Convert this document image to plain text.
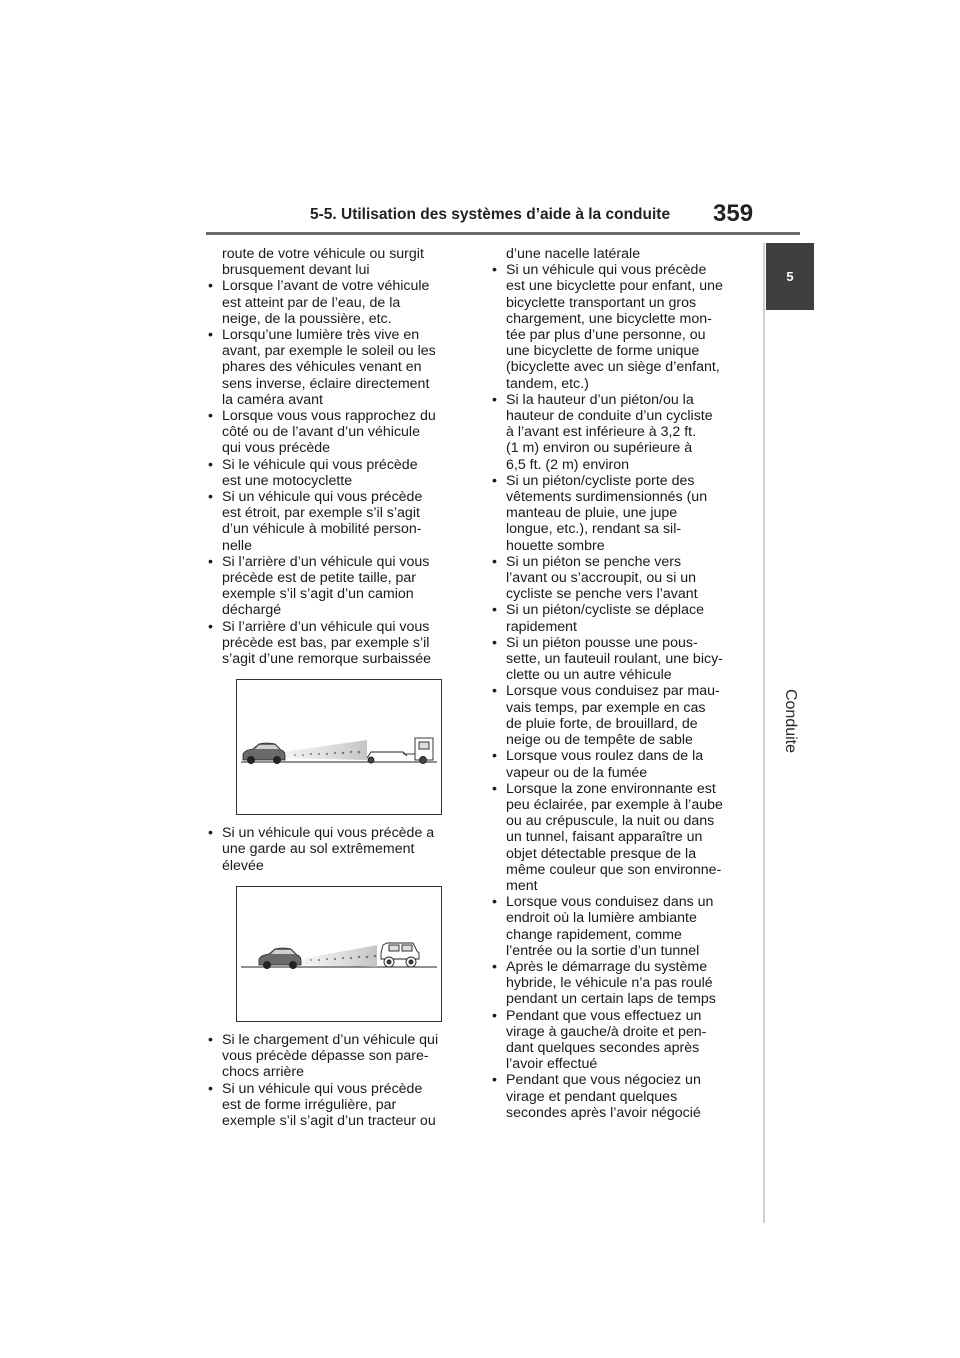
5-5. Utilisation des systèmes d’aide à la conduite 359
5
Conduite
route de votre véhicule ou surgit
brusquement devant lui
• Lorsque l’avant de votre véhicule
est atteint par de l’eau, de la
neige, de la poussière, etc.
• Lorsqu’une lumière très vive en
avant, par exemple le soleil ou les
phares des véhicules venant en
sens inverse, éclaire directement
la caméra avant
• Lorsque vous vous rapprochez du
côté ou de l’avant d’un véhicule
qui vous précède
• Si le véhicule qui vous précède
est une motocyclette
• Si un véhicule qui vous précède
est étroit, par exemple s’il s’agit
d’un véhicule à mobilité person-
nelle
• Si l’arrière d’un véhicule qui vous
précède est de petite taille, par
exemple s’il s’agit d’un camion
déchargé
• Si l’arrière d’un véhicule qui vous
précède est bas, par exemple s’il
s’agit d’une remorque surbaissée
• Si un véhicule qui vous précède a
une garde au sol extrêmement
élevée
• Si le chargement d’un véhicule qui
vous précède dépasse son pare-
chocs arrière
• Si un véhicule qui vous précède
est de forme irrégulière, par
exemple s’il s’agit d’un tracteur ou
d’une nacelle latérale
• Si un véhicule qui vous précède
est une bicyclette pour enfant, une
bicyclette transportant un gros
chargement, une bicyclette mon-
tée par plus d’une personne, ou
une bicyclette de forme unique
(bicyclette avec un siège d’enfant,
tandem, etc.)
• Si la hauteur d’un piéton/ou la
hauteur de conduite d’un cycliste
à l’avant est inférieure à 3,2 ft.
(1 m) environ ou supérieure à
6,5 ft. (2 m) environ
• Si un piéton/cycliste porte des
vêtements surdimensionnés (un
manteau de pluie, une jupe
longue, etc.), rendant sa sil-
houette sombre
• Si un piéton se penche vers
l’avant ou s’accroupit, ou si un
cycliste se penche vers l’avant
• Si un piéton/cycliste se déplace
rapidement
• Si un piéton pousse une pous-
sette, un fauteuil roulant, une bicy-
clette ou un autre véhicule
• Lorsque vous conduisez par mau-
vais temps, par exemple en cas
de pluie forte, de brouillard, de
neige ou de tempête de sable
• Lorsque vous roulez dans de la
vapeur ou de la fumée
• Lorsque la zone environnante est
peu éclairée, par exemple à l’aube
ou au crépuscule, la nuit ou dans
un tunnel, faisant apparaître un
objet détectable presque de la
même couleur que son environne-
ment
• Lorsque vous conduisez dans un
endroit où la lumière ambiante
change rapidement, comme
l’entrée ou la sortie d’un tunnel
• Après le démarrage du système
hybride, le véhicule n’a pas roulé
pendant un certain laps de temps
• Pendant que vous effectuez un
virage à gauche/à droite et pen-
dant quelques secondes après
l’avoir effectué
• Pendant que vous négociez un
virage et pendant quelques
secondes après l’avoir négocié
